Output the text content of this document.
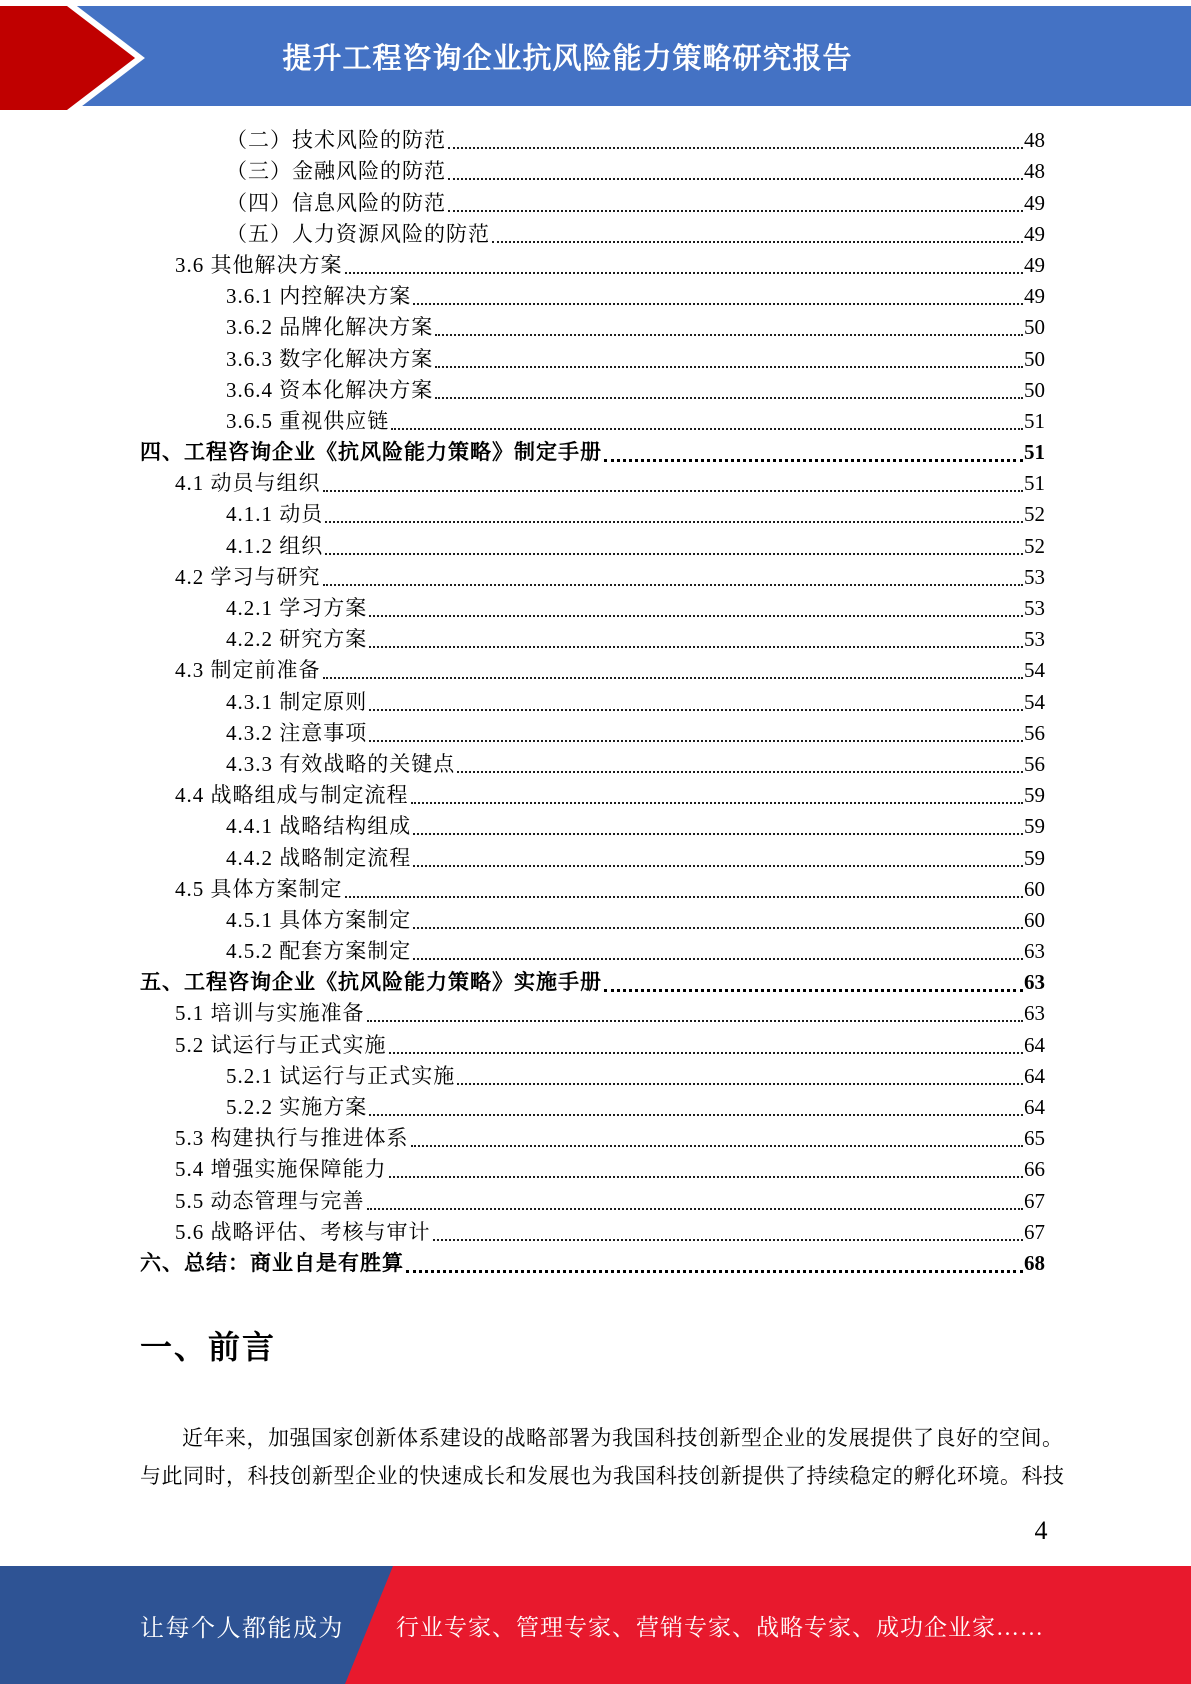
提升工程咨询企业抗风险能力策略研究报告
（二）技术风险的防范	48
（三）金融风险的防范	48
（四）信息风险的防范	49
（五）人力资源风险的防范	49
3.6 其他解决方案	49
3.6.1 内控解决方案	49
3.6.2 品牌化解决方案	50
3.6.3 数字化解决方案	50
3.6.4 资本化解决方案	50
3.6.5 重视供应链	51
四、工程咨询企业《抗风险能力策略》制定手册	51
4.1 动员与组织	51
4.1.1 动员	52
4.1.2 组织	52
4.2 学习与研究	53
4.2.1 学习方案	53
4.2.2 研究方案	53
4.3 制定前准备	54
4.3.1 制定原则	54
4.3.2 注意事项	56
4.3.3 有效战略的关键点	56
4.4 战略组成与制定流程	59
4.4.1 战略结构组成	59
4.4.2 战略制定流程	59
4.5 具体方案制定	60
4.5.1 具体方案制定	60
4.5.2 配套方案制定	63
五、工程咨询企业《抗风险能力策略》实施手册	63
5.1 培训与实施准备	63
5.2 试运行与正式实施	64
5.2.1 试运行与正式实施	64
5.2.2 实施方案	64
5.3 构建执行与推进体系	65
5.4 增强实施保障能力	66
5.5 动态管理与完善	67
5.6 战略评估、考核与审计	67
六、总结：商业自是有胜算	68
一、前言
近年来，加强国家创新体系建设的战略部署为我国科技创新型企业的发展提供了良好的空间。
与此同时，科技创新型企业的快速成长和发展也为我国科技创新提供了持续稳定的孵化环境。科技
4
让每个人都能成为 行业专家、管理专家、营销专家、战略专家、成功企业家……
